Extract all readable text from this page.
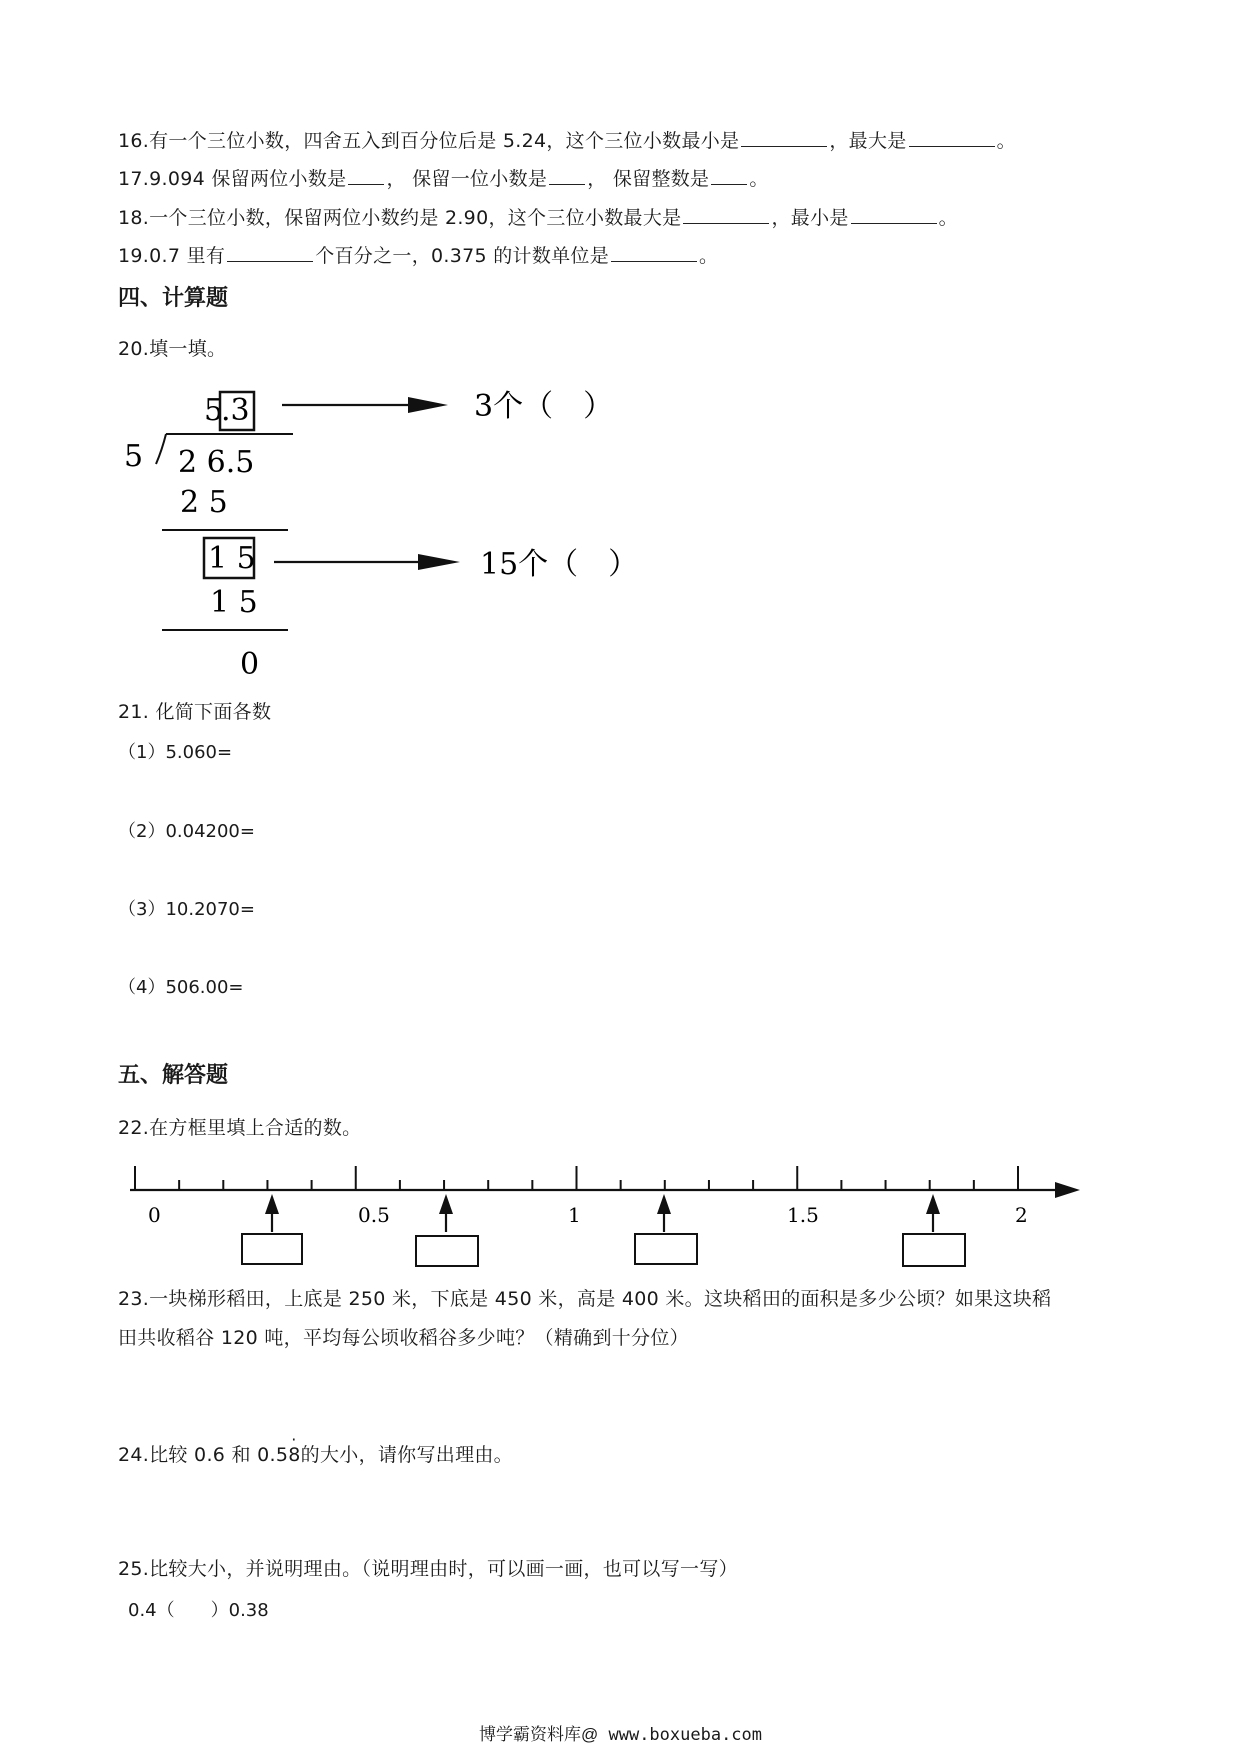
16.有一个三位小数，四舍五入到百分位后是 5.24，这个三位小数最小是	，最大是	。
17.9.094 保留两位小数是 ， 保留一位小数是 ， 保留整数是 。
18.一个三位小数，保留两位小数约是 2.90，这个三位小数最大是	，最小是	。
19.0.7 里有	个百分之一，0.375 的计数单位是	。
四、计算题
20.填一填。
5
.3
5 2 6.5
2 5
1 5
1 5
0
3个（　）
15个（　）
21. 化简下面各数
（1）5.060=
（2）0.04200=
（3）10.2070=
（4）506.00=
五、解答题
22.在方框里填上合适的数。
0	0.5	1	1.5	2
23.一块梯形稻田，上底是 250 米，下底是 450 米，高是 400 米。这块稻田的面积是多少公顷？如果这块稻
田共收稻谷 120 吨，平均每公顷收稻谷多少吨？（精确到十分位）
24.比较 0.6 和 0.58
·
的大小，请你写出理由。
25.比较大小，并说明理由。（说明理由时，可以画一画，也可以写一写）
0.4（　　）0.38
博学霸资料库@ www.boxueba.com
